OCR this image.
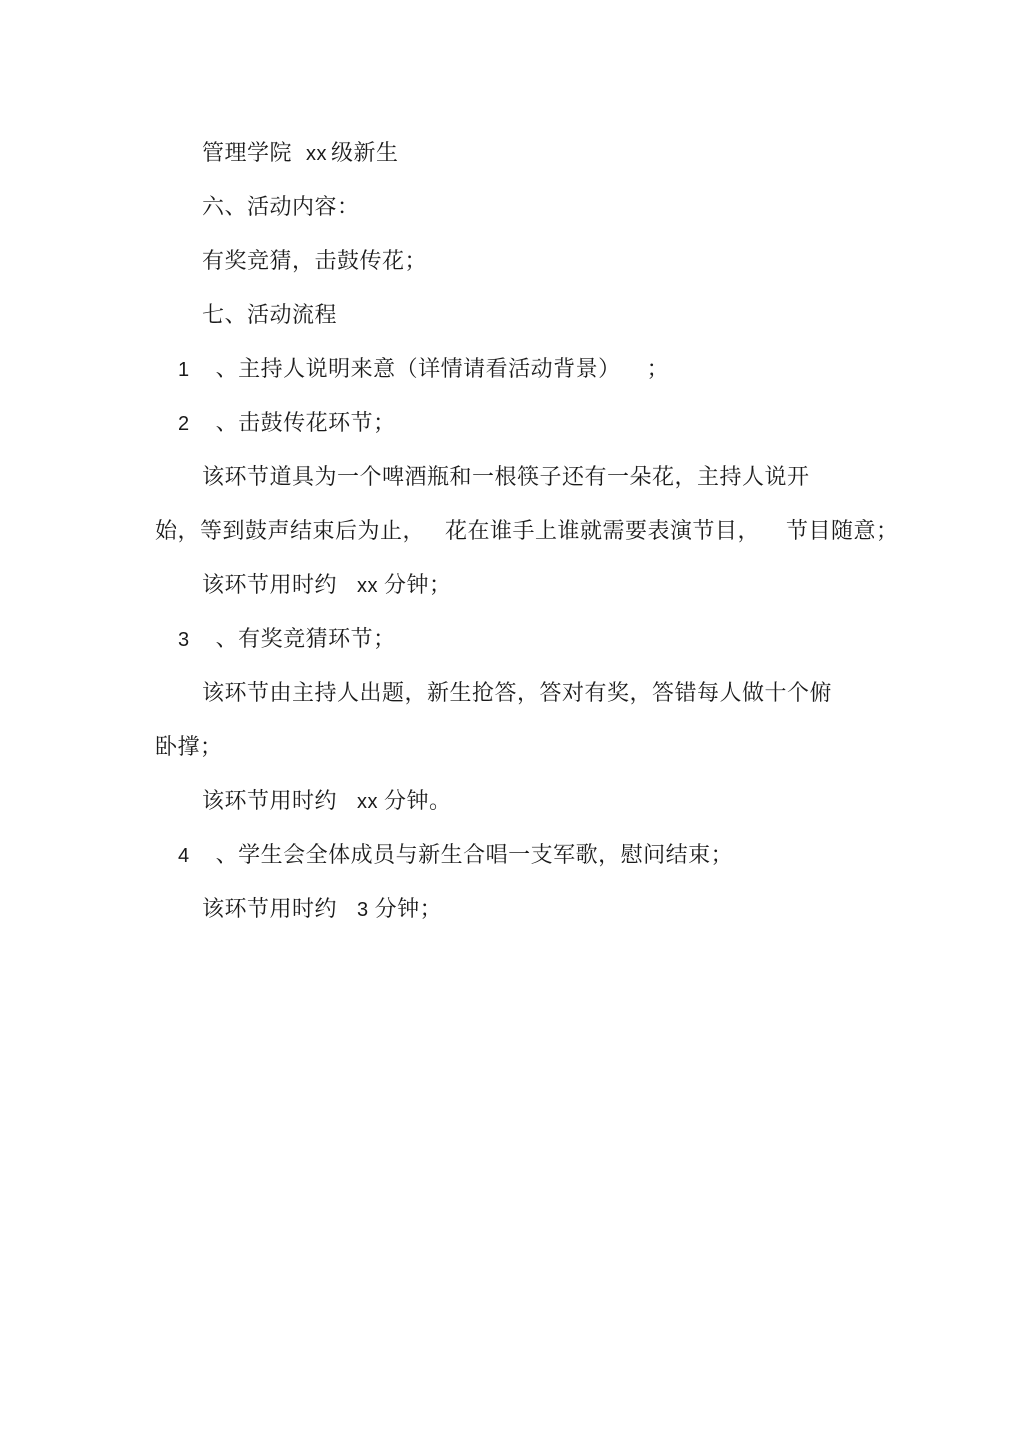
管理学院 xx 级新生
六、活动内容：
有奖竞猜，击鼓传花；
七、活动流程
1 、主持人说明来意（详情请看活动背景） ；
2 、击鼓传花环节；
该环节道具为一个啤酒瓶和一根筷子还有一朵花，主持人说开
始，等到鼓声结束后为止， 花在谁手上谁就需要表演节目， 节目随意；
该环节用时约 xx 分钟；
3 、有奖竞猜环节；
该环节由主持人出题，新生抢答，答对有奖，答错每人做十个俯
卧撑；
该环节用时约 xx 分钟。
4 、学生会全体成员与新生合唱一支军歌，慰问结束；
该环节用时约 3 分钟；
